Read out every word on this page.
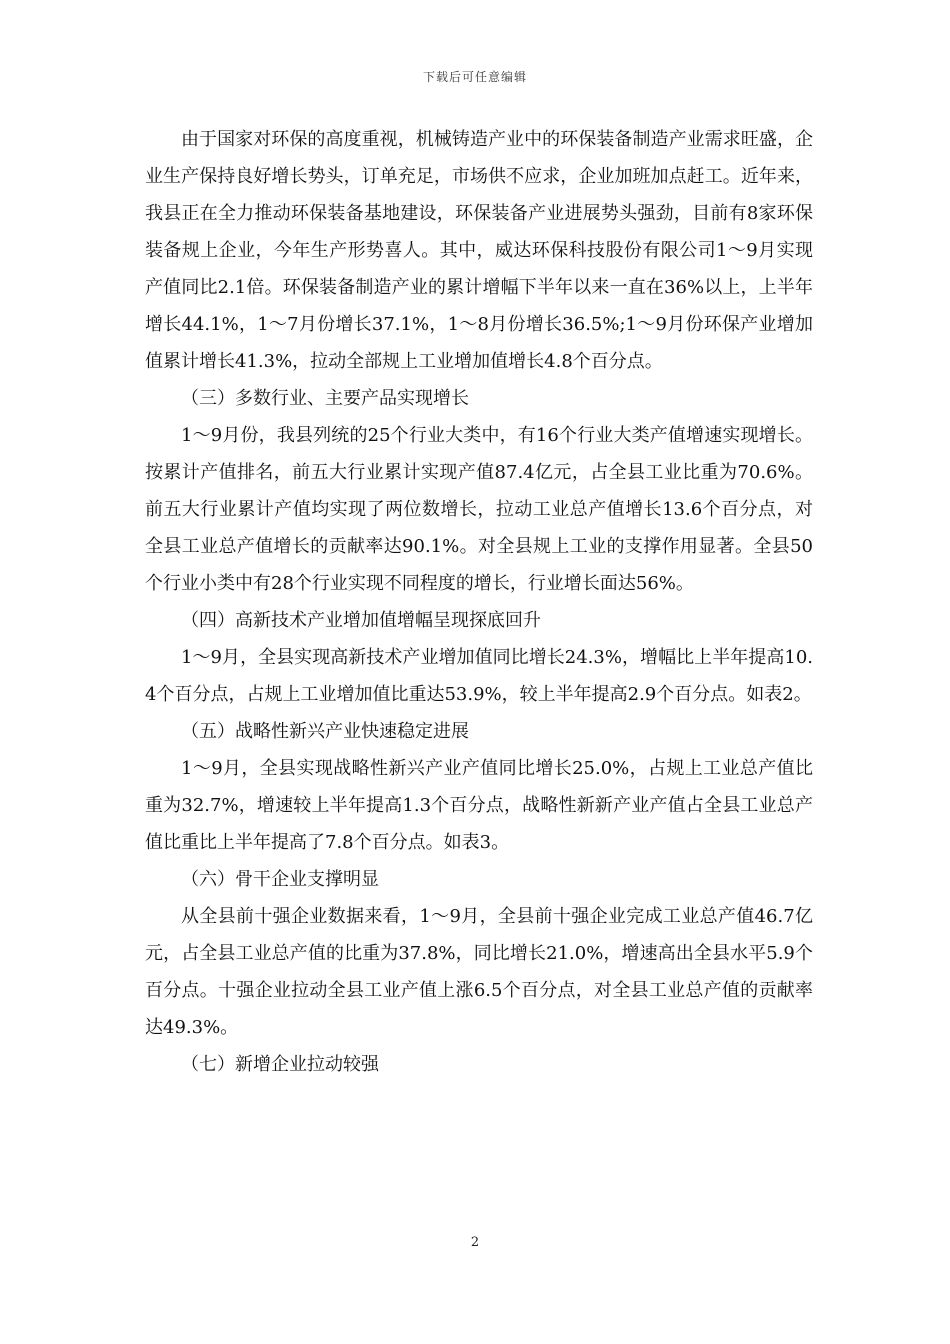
下载后可任意编辑

由于国家对环保的高度重视，机械铸造产业中的环保装备制造产业需求旺盛，企业生产保持良好增长势头，订单充足，市场供不应求，企业加班加点赶工。近年来，我县正在全力推动环保装备基地建设，环保装备产业进展势头强劲，目前有8家环保装备规上企业，今年生产形势喜人。其中，威达环保科技股份有限公司1～9月实现产值同比2.1倍。环保装备制造产业的累计增幅下半年以来一直在36%以上，上半年增长44.1%，1～7月份增长37.1%，1～8月份增长36.5%;1～9月份环保产业增加值累计增长41.3%，拉动全部规上工业增加值增长4.8个百分点。

（三）多数行业、主要产品实现增长

1～9月份，我县列统的25个行业大类中，有16个行业大类产值增速实现增长。按累计产值排名，前五大行业累计实现产值87.4亿元，占全县工业比重为70.6%。前五大行业累计产值均实现了两位数增长，拉动工业总产值增长13.6个百分点，对全县工业总产值增长的贡献率达90.1%。对全县规上工业的支撑作用显著。全县50个行业小类中有28个行业实现不同程度的增长，行业增长面达56%。

（四）高新技术产业增加值增幅呈现探底回升

1～9月，全县实现高新技术产业增加值同比增长24.3%，增幅比上半年提高10.4个百分点，占规上工业增加值比重达53.9%，较上半年提高2.9个百分点。如表2。

（五）战略性新兴产业快速稳定进展

1～9月，全县实现战略性新兴产业产值同比增长25.0%，占规上工业总产值比重为32.7%，增速较上半年提高1.3个百分点，战略性新新产业产值占全县工业总产值比重比上半年提高了7.8个百分点。如表3。

（六）骨干企业支撑明显

从全县前十强企业数据来看，1～9月，全县前十强企业完成工业总产值46.7亿元，占全县工业总产值的比重为37.8%，同比增长21.0%，增速高出全县水平5.9个百分点。十强企业拉动全县工业产值上涨6.5个百分点，对全县工业总产值的贡献率达49.3%。

（七）新增企业拉动较强

2
